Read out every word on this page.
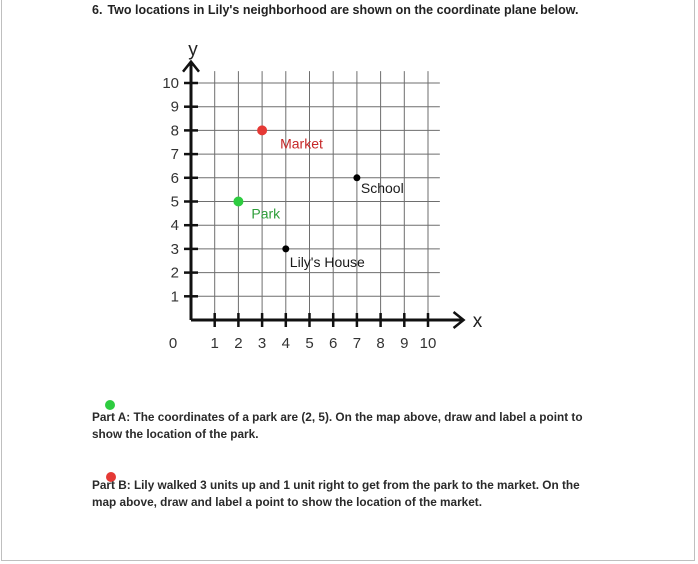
6. Two locations in Lily's neighborhood are shown on the coordinate plane below.
1 2 3 4 5 6 7 8 9 10
1
2
3
4
5
6
7
8
9
10
0
x
y
School
Lily's House
Park
Market
Part A: The coordinates of a park are (2, 5). On the map above, draw and label a point to show the location of the park.
Part B: Lily walked 3 units up and 1 unit right to get from the park to the market. On the map above, draw and label a point to show the location of the market.
